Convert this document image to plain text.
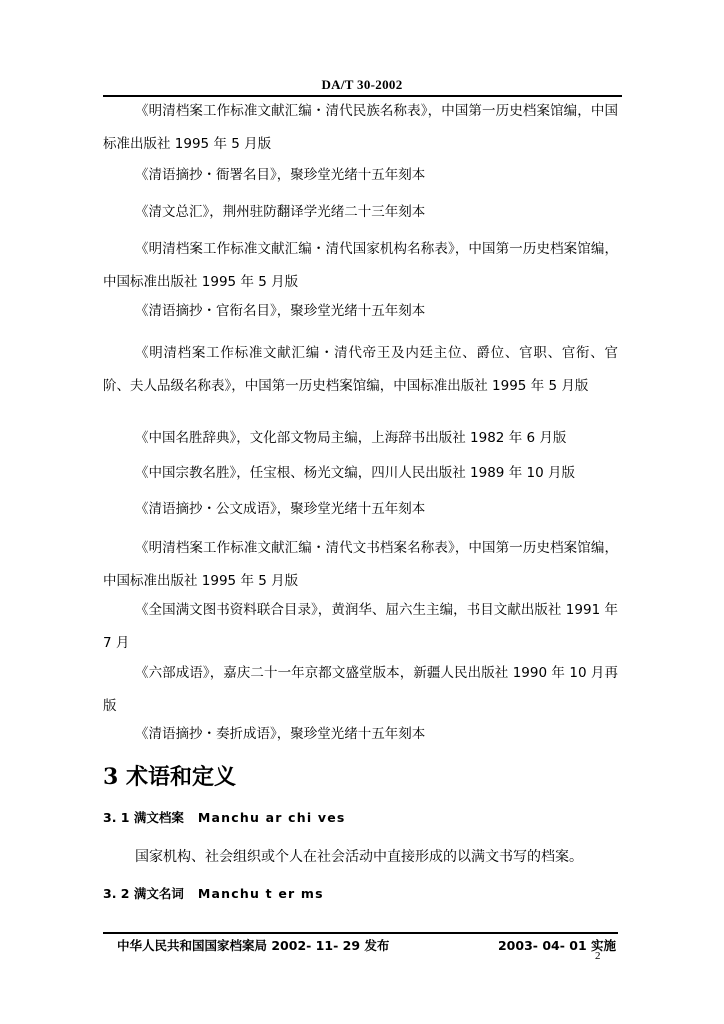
DA/T 30-2002

《明清档案工作标准文献汇编・清代民族名称表》，中国第一历史档案馆编，中国标准出版社 1995 年 5 月版

《清语摘抄・衙署名目》，聚珍堂光绪十五年刻本

《清文总汇》，荆州驻防翻译学光绪二十三年刻本

《明清档案工作标准文献汇编・清代国家机构名称表》，中国第一历史档案馆编，中国标准出版社 1995 年 5 月版

《清语摘抄・官衔名目》，聚珍堂光绪十五年刻本

《明清档案工作标准文献汇编・清代帝王及内廷主位、爵位、官职、官衔、官阶、夫人品级名称表》，中国第一历史档案馆编，中国标准出版社 1995 年 5 月版

《中国名胜辞典》，文化部文物局主编，上海辞书出版社 1982 年 6 月版

《中国宗教名胜》，任宝根、杨光文编，四川人民出版社 1989 年 10 月版

《清语摘抄・公文成语》，聚珍堂光绪十五年刻本

《明清档案工作标准文献汇编・清代文书档案名称表》，中国第一历史档案馆编，中国标准出版社 1995 年 5 月版

《全国满文图书资料联合目录》，黄润华、屈六生主编，书目文献出版社 1991 年 7 月

《六部成语》，嘉庆二十一年京都文盛堂版本，新疆人民出版社 1990 年 10 月再版

《清语摘抄・奏折成语》，聚珍堂光绪十五年刻本

3 术语和定义
3. 1 满文档案 Manchu ar chi ves

国家机构、社会组织或个人在社会活动中直接形成的以满文书写的档案。

3. 2 满文名词 Manchu t er ms
中华人民共和国国家档案局 2002- 11- 29 发布	2003- 04- 01 实施
2
